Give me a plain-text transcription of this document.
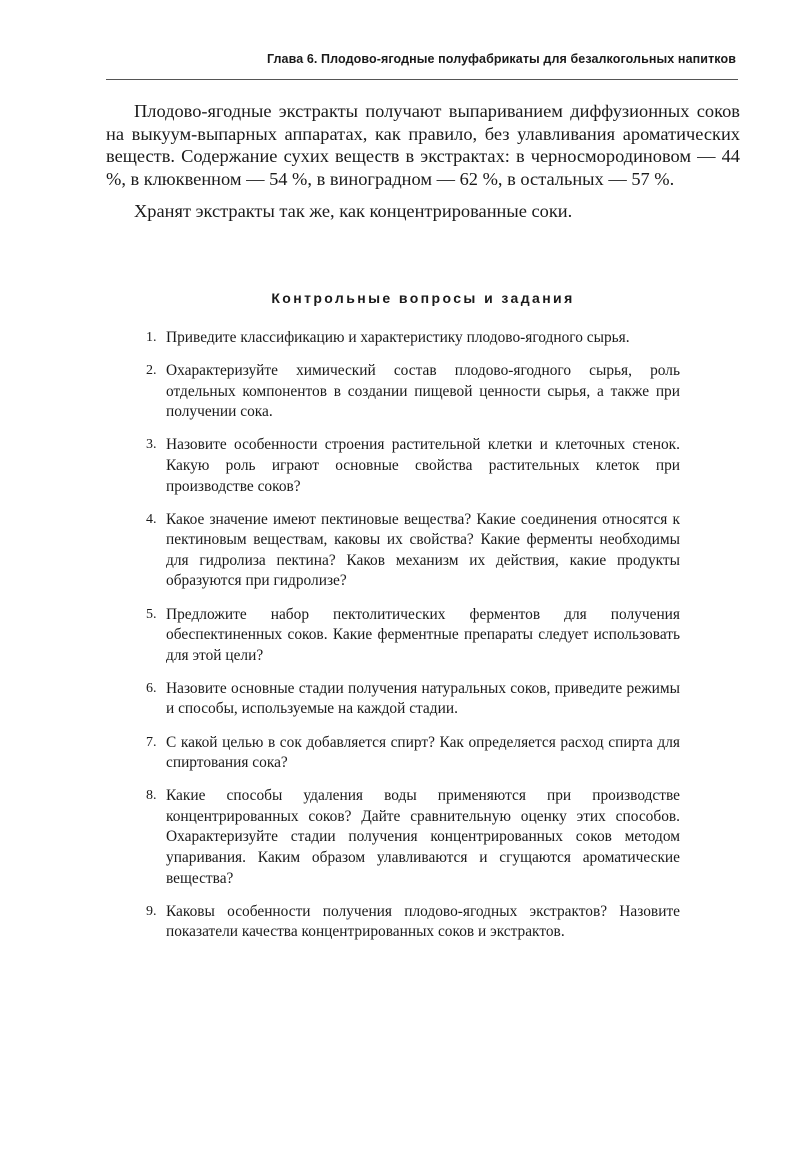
Глава 6. Плодово-ягодные полуфабрикаты для безалкогольных напитков

Плодово-ягодные экстракты получают выпариванием диффузионных соков на выкуум-выпарных аппаратах, как правило, без улавливания ароматических веществ. Содержание сухих веществ в экстрактах: в черносмородиновом — 44 %, в клюквенном — 54 %, в виноградном — 62 %, в остальных — 57 %.

Хранят экстракты так же, как концентрированные соки.

Контрольные вопросы и задания
1. Приведите классификацию и характеристику плодово-ягодного сырья.
2. Охарактеризуйте химический состав плодово-ягодного сырья, роль отдельных компонентов в создании пищевой ценности сырья, а также при получении сока.
3. Назовите особенности строения растительной клетки и клеточных стенок. Какую роль играют основные свойства растительных клеток при производстве соков?
4. Какое значение имеют пектиновые вещества? Какие соединения относятся к пектиновым веществам, каковы их свойства? Какие ферменты необходимы для гидролиза пектина? Каков механизм их действия, какие продукты образуются при гидролизе?
5. Предложите набор пектолитических ферментов для получения обеспектиненных соков. Какие ферментные препараты следует использовать для этой цели?
6. Назовите основные стадии получения натуральных соков, приведите режимы и способы, используемые на каждой стадии.
7. С какой целью в сок добавляется спирт? Как определяется расход спирта для спиртования сока?
8. Какие способы удаления воды применяются при производстве концентрированных соков? Дайте сравнительную оценку этих способов. Охарактеризуйте стадии получения концентрированных соков методом упаривания. Каким образом улавливаются и сгущаются ароматические вещества?
9. Каковы особенности получения плодово-ягодных экстрактов? Назовите показатели качества концентрированных соков и экстрактов.
